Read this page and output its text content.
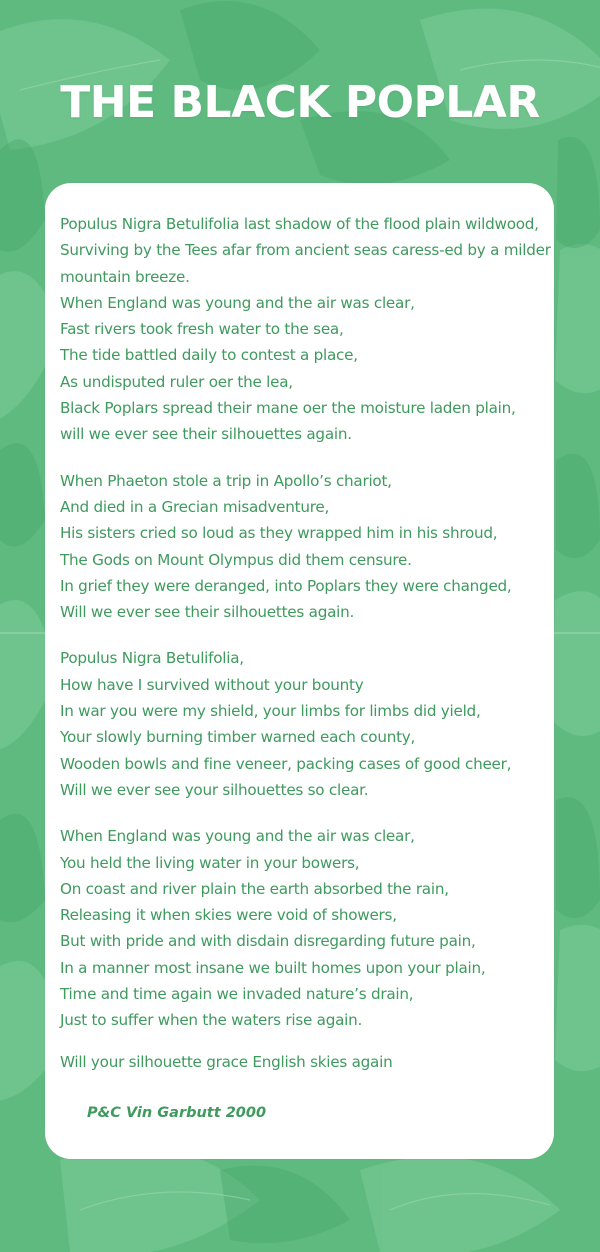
THE BLACK POPLAR
Populus Nigra Betulifolia last shadow of the flood plain wildwood,
Surviving by the Tees afar from ancient seas caress-ed by a milder
mountain breeze.
When England was young and the air was clear,
Fast rivers took fresh water to the sea,
The tide battled daily to contest a place,
As undisputed ruler oer the lea,
Black Poplars spread their mane oer the moisture laden plain,
will we ever see their silhouettes again.
When Phaeton stole a trip in Apollo’s chariot,
And died in a Grecian misadventure,
His sisters cried so loud as they wrapped him in his shroud,
The Gods on Mount Olympus did them censure.
In grief they were deranged, into Poplars they were changed,
Will we ever see their silhouettes again.
Populus Nigra Betulifolia,
How have I survived without your bounty
In war you were my shield, your limbs for limbs did yield,
Your slowly burning timber warned each county,
Wooden bowls and fine veneer, packing cases of good cheer,
Will we ever see your silhouettes so clear.
When England was young and the air was clear,
You held the living water in your bowers,
On coast and river plain the earth absorbed the rain,
Releasing it when skies were void of showers,
But with pride and with disdain disregarding future pain,
In a manner most insane we built homes upon your plain,
Time and time again we invaded nature’s drain,
Just to suffer when the waters rise again.
Will your silhouette grace English skies again
P&C Vin Garbutt 2000
